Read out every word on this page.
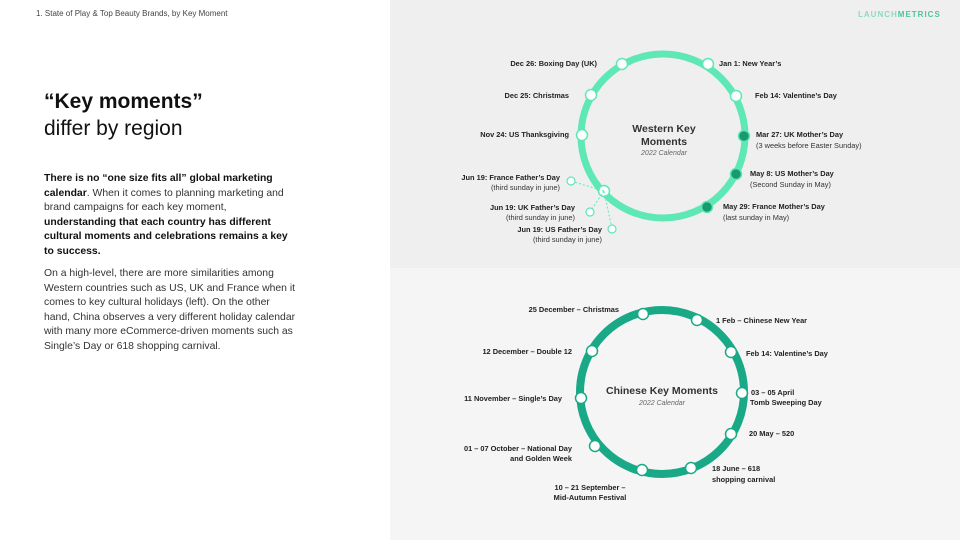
1. State of Play & Top Beauty Brands, by Key Moment
“Key moments”
differ by region

There is no “one size fits all” global marketing calendar. When it comes to planning marketing and brand campaigns for each key moment, understanding that each country has different cultural moments and celebrations remains a key to success.

On a high-level, there are more similarities among Western countries such as US, UK and France when it comes to key cultural holidays (left). On the other hand, China observes a very different holiday calendar with many more eCommerce-driven moments such as Single’s Day or 618 shopping carnival.

LAUNCHMETRICS
Western Key
Moments
2022 Calendar
Dec 26: Boxing Day (UK)	Jan 1: New Year’s
Dec 25: Christmas	Feb 14: Valentine’s Day
Nov 24: US Thanksgiving	Mar 27: UK Mother’s Day
(3 weeks before Easter Sunday)
May 8: US Mother’s Day
(Second Sunday in May)
May 29: France Mother’s Day
(last sunday in May)
Jun 19: France Father’s Day
(third sunday in june)
Jun 19: UK Father’s Day
(third sunday in june)
Jun 19: US Father’s Day
(third sunday in june)
Chinese Key Moments
2022 Calendar
25 December – Christmas
1 Feb – Chinese New Year
12 December – Double 12	Feb 14: Valentine’s Day
03 – 05 April
Tomb Sweeping Day
11 November – Single’s Day
20 May – 520
01 – 07 October – National Day
and Golden Week
18 June – 618
shopping carnival
10 – 21 September –
Mid-Autumn Festival
